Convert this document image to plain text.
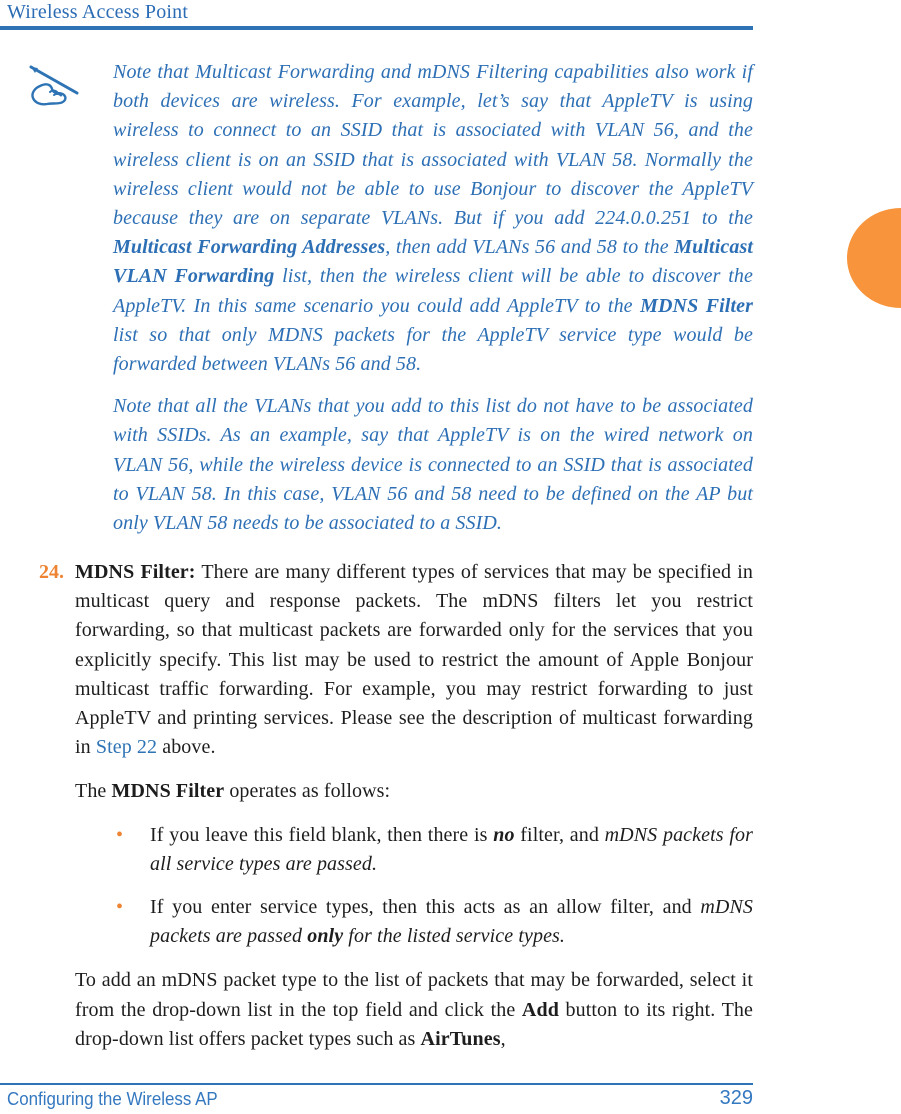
Wireless Access Point

Note that Multicast Forwarding and mDNS Filtering capabilities also work if both devices are wireless. For example, let’s say that AppleTV is using wireless to connect to an SSID that is associated with VLAN 56, and the wireless client is on an SSID that is associated with VLAN 58. Normally the wireless client would not be able to use Bonjour to discover the AppleTV because they are on separate VLANs. But if you add 224.0.0.251 to the Multicast Forwarding Addresses, then add VLANs 56 and 58 to the Multicast VLAN Forwarding list, then the wireless client will be able to discover the AppleTV. In this same scenario you could add AppleTV to the MDNS Filter list so that only MDNS packets for the AppleTV service type would be forwarded between VLANs 56 and 58.

Note that all the VLANs that you add to this list do not have to be associated with SSIDs. As an example, say that AppleTV is on the wired network on VLAN 56, while the wireless device is connected to an SSID that is associated to VLAN 58. In this case, VLAN 56 and 58 need to be defined on the AP but only VLAN 58 needs to be associated to a SSID.

24. MDNS Filter: There are many different types of services that may be specified in multicast query and response packets. The mDNS filters let you restrict forwarding, so that multicast packets are forwarded only for the services that you explicitly specify. This list may be used to restrict the amount of Apple Bonjour multicast traffic forwarding. For example, you may restrict forwarding to just AppleTV and printing services. Please see the description of multicast forwarding in Step 22 above.

The MDNS Filter operates as follows:

• If you leave this field blank, then there is no filter, and mDNS packets for all service types are passed.

• If you enter service types, then this acts as an allow filter, and mDNS packets are passed only for the listed service types.

To add an mDNS packet type to the list of packets that may be forwarded, select it from the drop-down list in the top field and click the Add button to its right. The drop-down list offers packet types such as AirTunes,

Configuring the Wireless AP	329
